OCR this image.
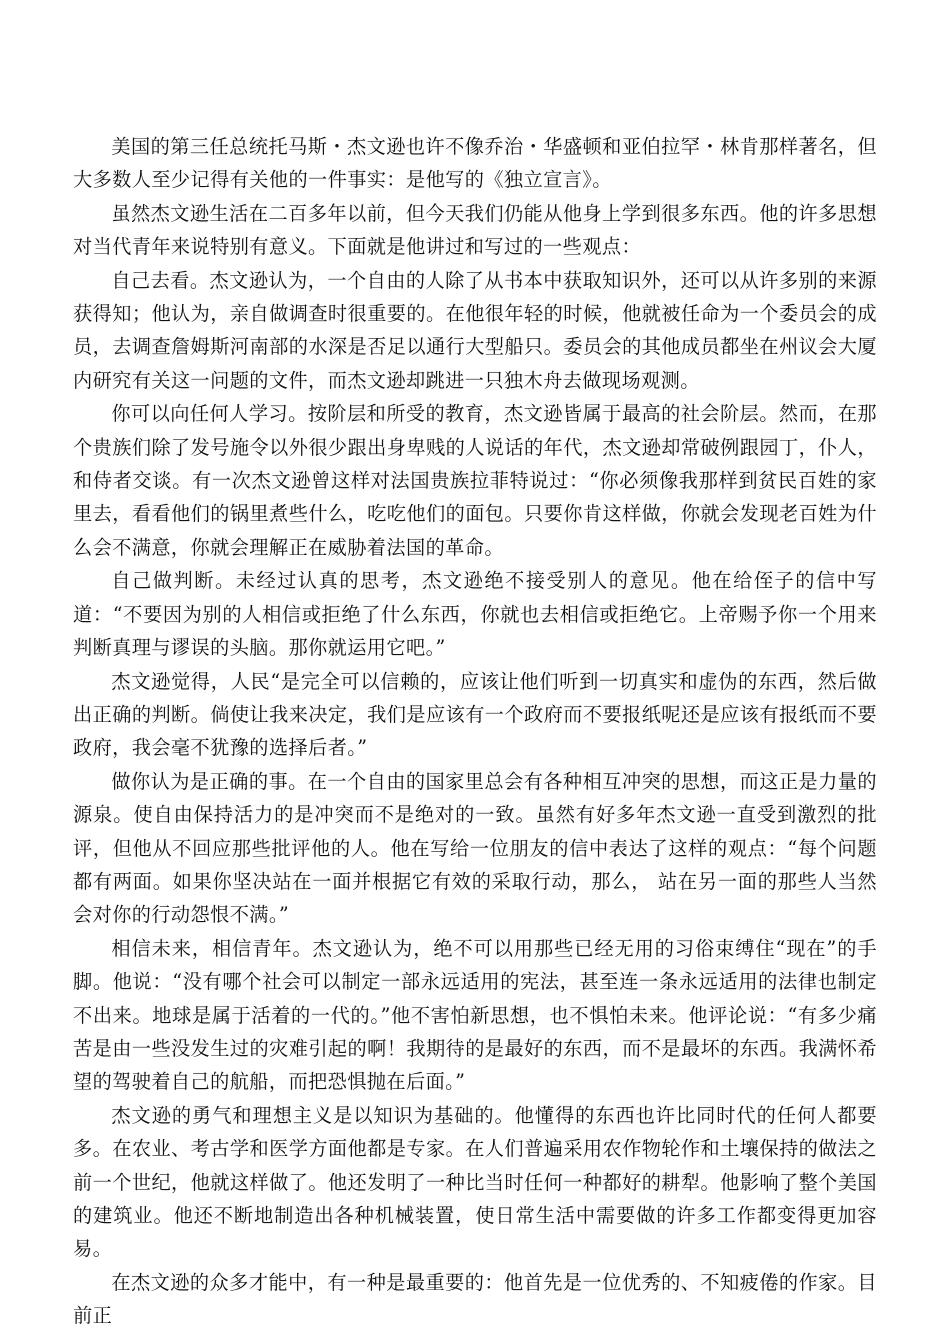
美国的第三任总统托马斯・杰文逊也许不像乔治・华盛顿和亚伯拉罕・林肯那样著名，但大多数人至少记得有关他的一件事实：是他写的《独立宣言》。

虽然杰文逊生活在二百多年以前，但今天我们仍能从他身上学到很多东西。他的许多思想对当代青年来说特别有意义。下面就是他讲过和写过的一些观点：

自己去看。杰文逊认为，一个自由的人除了从书本中获取知识外，还可以从许多别的来源获得知；他认为，亲自做调查时很重要的。在他很年轻的时候，他就被任命为一个委员会的成员，去调查詹姆斯河南部的水深是否足以通行大型船只。委员会的其他成员都坐在州议会大厦内研究有关这一问题的文件，而杰文逊却跳进一只独木舟去做现场观测。

你可以向任何人学习。按阶层和所受的教育，杰文逊皆属于最高的社会阶层。然而，在那个贵族们除了发号施令以外很少跟出身卑贱的人说话的年代，杰文逊却常破例跟园丁，仆人，和侍者交谈。有一次杰文逊曾这样对法国贵族拉菲特说过：“你必须像我那样到贫民百姓的家里去，看看他们的锅里煮些什么，吃吃他们的面包。只要你肯这样做，你就会发现老百姓为什么会不满意，你就会理解正在威胁着法国的革命。

自己做判断。未经过认真的思考，杰文逊绝不接受别人的意见。他在给侄子的信中写道：“不要因为别的人相信或拒绝了什么东西，你就也去相信或拒绝它。上帝赐予你一个用来判断真理与谬误的头脑。那你就运用它吧。”

杰文逊觉得，人民“是完全可以信赖的，应该让他们听到一切真实和虚伪的东西，然后做出正确的判断。倘使让我来决定，我们是应该有一个政府而不要报纸呢还是应该有报纸而不要政府，我会毫不犹豫的选择后者。”

做你认为是正确的事。在一个自由的国家里总会有各种相互冲突的思想，而这正是力量的源泉。使自由保持活力的是冲突而不是绝对的一致。虽然有好多年杰文逊一直受到激烈的批评，但他从不回应那些批评他的人。他在写给一位朋友的信中表达了这样的观点：“每个问题都有两面。如果你坚决站在一面并根据它有效的采取行动，那么， 站在另一面的那些人当然会对你的行动怨恨不满。”

相信未来，相信青年。杰文逊认为，绝不可以用那些已经无用的习俗束缚住“现在”的手脚。他说：“没有哪个社会可以制定一部永远适用的宪法，甚至连一条永远适用的法律也制定不出来。地球是属于活着的一代的。”他不害怕新思想，也不惧怕未来。他评论说：“有多少痛苦是由一些没发生过的灾难引起的啊！我期待的是最好的东西，而不是最坏的东西。我满怀希望的驾驶着自己的航船，而把恐惧抛在后面。”

杰文逊的勇气和理想主义是以知识为基础的。他懂得的东西也许比同时代的任何人都要多。在农业、考古学和医学方面他都是专家。在人们普遍采用农作物轮作和土壤保持的做法之前一个世纪，他就这样做了。他还发明了一种比当时任何一种都好的耕犁。他影响了整个美国的建筑业。他还不断地制造出各种机械装置，使日常生活中需要做的许多工作都变得更加容易。

在杰文逊的众多才能中，有一种是最重要的：他首先是一位优秀的、不知疲倦的作家。目前正
